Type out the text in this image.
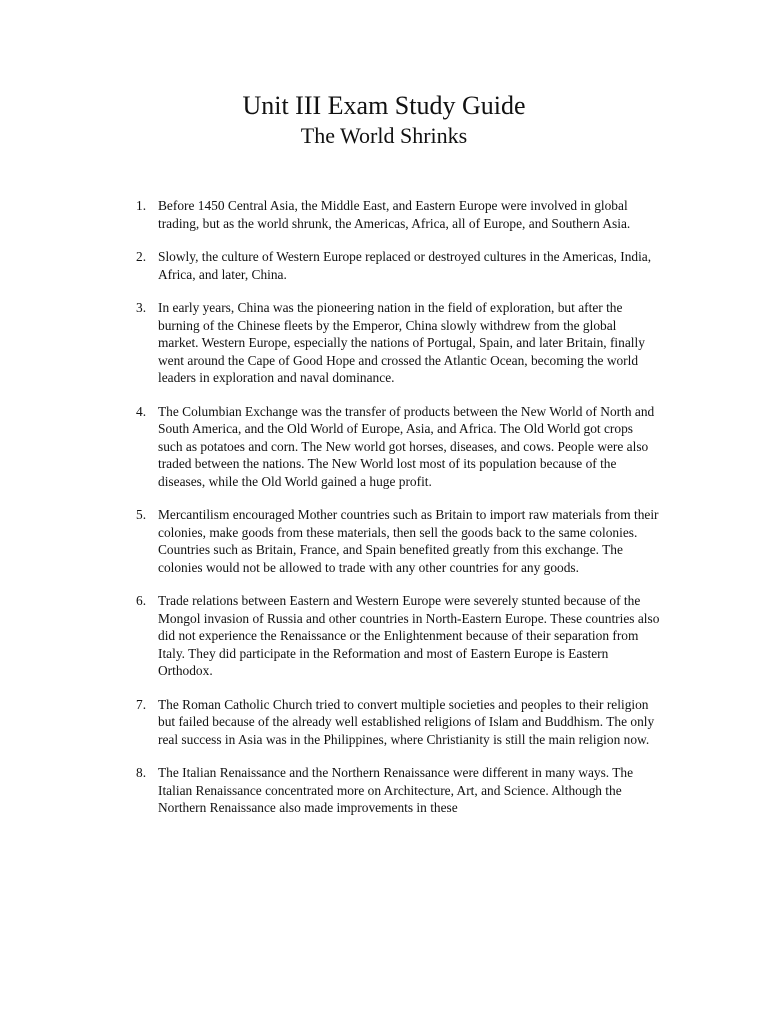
Unit III Exam Study Guide
The World Shrinks
1. Before 1450 Central Asia, the Middle East, and Eastern Europe were involved in global trading, but as the world shrunk, the Americas, Africa, all of Europe, and Southern Asia.
2. Slowly, the culture of Western Europe replaced or destroyed cultures in the Americas, India, Africa, and later, China.
3. In early years, China was the pioneering nation in the field of exploration, but after the burning of the Chinese fleets by the Emperor, China slowly withdrew from the global market. Western Europe, especially the nations of Portugal, Spain, and later Britain, finally went around the Cape of Good Hope and crossed the Atlantic Ocean, becoming the world leaders in exploration and naval dominance.
4. The Columbian Exchange was the transfer of products between the New World of North and South America, and the Old World of Europe, Asia, and Africa. The Old World got crops such as potatoes and corn. The New world got horses, diseases, and cows. People were also traded between the nations. The New World lost most of its population because of the diseases, while the Old World gained a huge profit.
5. Mercantilism encouraged Mother countries such as Britain to import raw materials from their colonies, make goods from these materials, then sell the goods back to the same colonies. Countries such as Britain, France, and Spain benefited greatly from this exchange. The colonies would not be allowed to trade with any other countries for any goods.
6. Trade relations between Eastern and Western Europe were severely stunted because of the Mongol invasion of Russia and other countries in North-Eastern Europe. These countries also did not experience the Renaissance or the Enlightenment because of their separation from Italy. They did participate in the Reformation and most of Eastern Europe is Eastern Orthodox.
7. The Roman Catholic Church tried to convert multiple societies and peoples to their religion but failed because of the already well established religions of Islam and Buddhism. The only real success in Asia was in the Philippines, where Christianity is still the main religion now.
8. The Italian Renaissance and the Northern Renaissance were different in many ways. The Italian Renaissance concentrated more on Architecture, Art, and Science. Although the Northern Renaissance also made improvements in these
